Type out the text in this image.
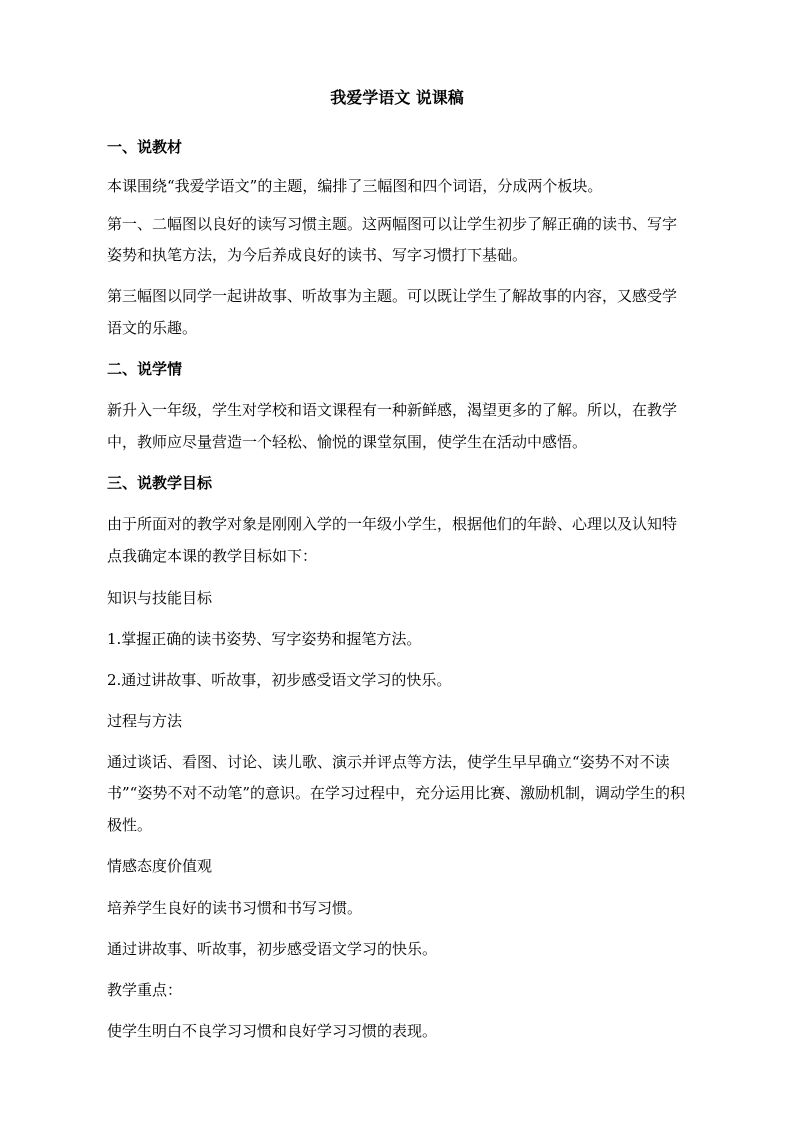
我爱学语文 说课稿
一、说教材
本课围绕“我爱学语文”的主题，编排了三幅图和四个词语，分成两个板块。
第一、二幅图以良好的读写习惯主题。这两幅图可以让学生初步了解正确的读书、写字
姿势和执笔方法，为今后养成良好的读书、写字习惯打下基础。
第三幅图以同学一起讲故事、听故事为主题。可以既让学生了解故事的内容，又感受学
语文的乐趣。
二、说学情
新升入一年级，学生对学校和语文课程有一种新鲜感，渴望更多的了解。所以，在教学
中，教师应尽量营造一个轻松、愉悦的课堂氛围，使学生在活动中感悟。
三、说教学目标
由于所面对的教学对象是刚刚入学的一年级小学生，根据他们的年龄、心理以及认知特
点我确定本课的教学目标如下：
知识与技能目标
1.掌握正确的读书姿势、写字姿势和握笔方法。
2.通过讲故事、听故事，初步感受语文学习的快乐。
过程与方法
通过谈话、看图、讨论、读儿歌、演示并评点等方法，使学生早早确立“姿势不对不读
书”“姿势不对不动笔”的意识。在学习过程中，充分运用比赛、激励机制，调动学生的积
极性。
情感态度价值观
培养学生良好的读书习惯和书写习惯。
通过讲故事、听故事，初步感受语文学习的快乐。
教学重点：
使学生明白不良学习习惯和良好学习习惯的表现。
